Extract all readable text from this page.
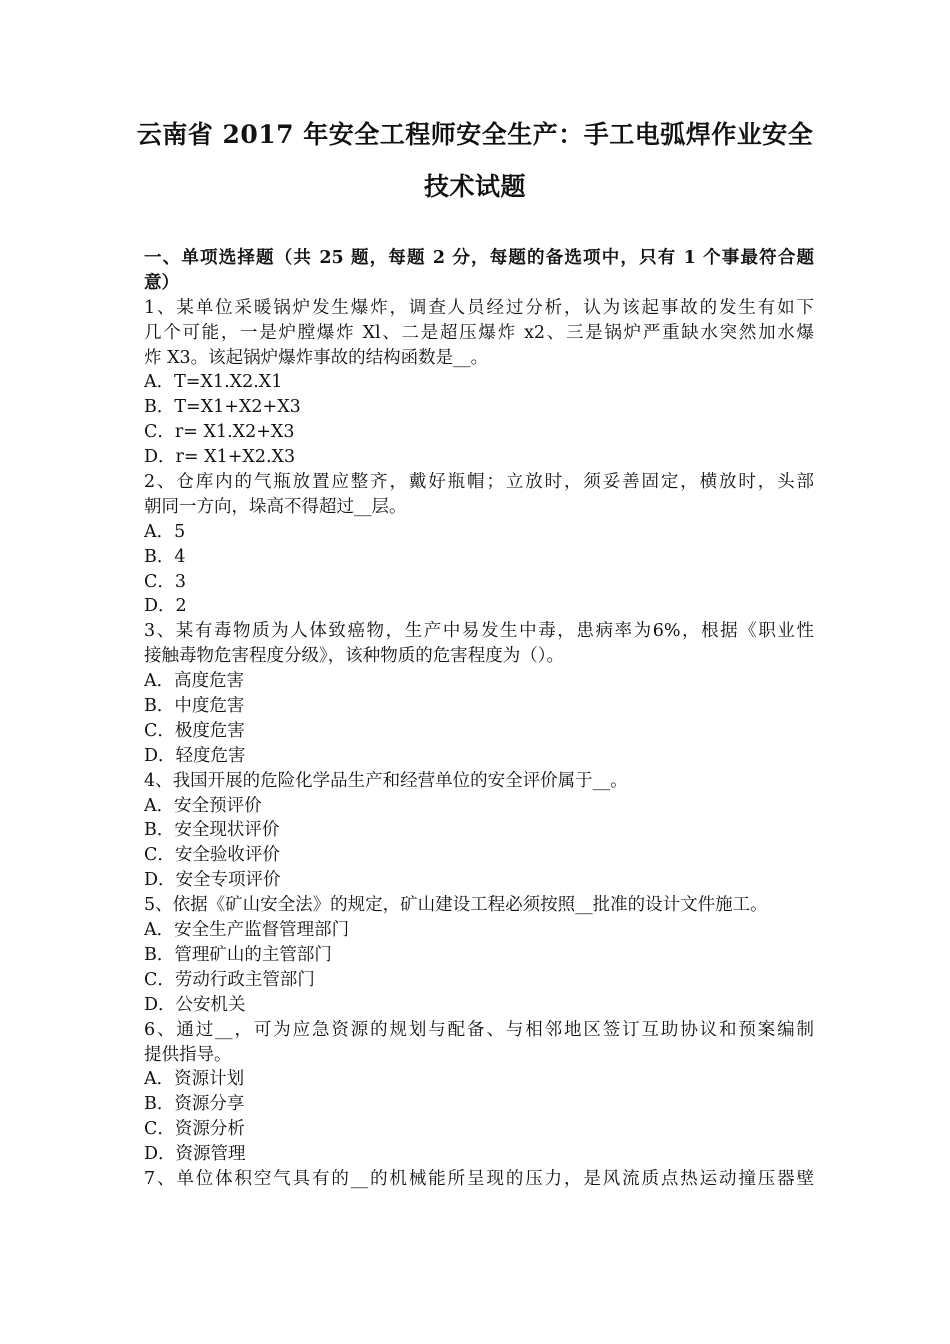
云南省 2017 年安全工程师安全生产：手工电弧焊作业安全
技术试题
一、单项选择题（共 25 题，每题 2 分，每题的备选项中，只有 1 个事最符合题
意）
1、某单位采暖锅炉发生爆炸，调查人员经过分析，认为该起事故的发生有如下
几个可能，一是炉膛爆炸 Xl、二是超压爆炸 x2、三是锅炉严重缺水突然加水爆
炸 X3。该起锅炉爆炸事故的结构函数是__。
A．T=X1.X2.X1
B．T=X1+X2+X3
C．r= X1.X2+X3
D．r= X1+X2.X3
2、仓库内的气瓶放置应整齐，戴好瓶帽；立放时，须妥善固定，横放时，头部
朝同一方向，垛高不得超过__层。
A．5
B．4
C．3
D．2
3、某有毒物质为人体致癌物，生产中易发生中毒，患病率为6%，根据《职业性
接触毒物危害程度分级》，该种物质的危害程度为（）。
A．高度危害
B．中度危害
C．极度危害
D．轻度危害
4、我国开展的危险化学品生产和经营单位的安全评价属于__。
A．安全预评价
B．安全现状评价
C．安全验收评价
D．安全专项评价
5、依据《矿山安全法》的规定，矿山建设工程必须按照__批准的设计文件施工。
A．安全生产监督管理部门
B．管理矿山的主管部门
C．劳动行政主管部门
D．公安机关
6、通过__，可为应急资源的规划与配备、与相邻地区签订互助协议和预案编制
提供指导。
A．资源计划
B．资源分享
C．资源分析
D．资源管理
7、单位体积空气具有的__的机械能所呈现的压力，是风流质点热运动撞压器壁
